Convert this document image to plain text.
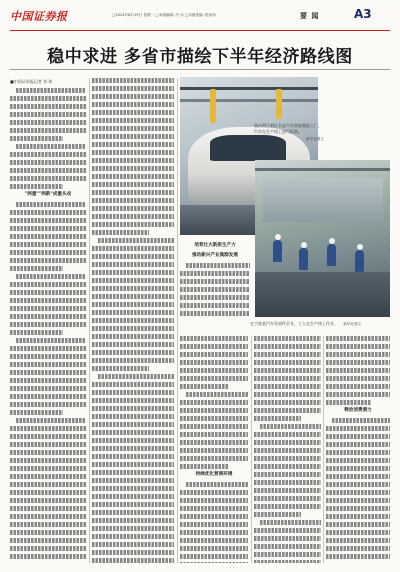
中国证券报	□2024年8月19日 星期一 □本版编辑: 冯 冰 □本版美编: 范伟伟	要 闻	A3
稳中求进 多省市描绘下半年经济路线图
■中国证券报记者 刘 伟
"两重""两新"成重头戏
重庆两江新区长安汽车智能制造工厂，汽车在生产线上进行组装。
新华社图文
培育壮大新质生产力
推动新兴产业集群发展
在宁波某汽车零部件企业，工人在生产线上作业。 新华社图文
持续优化营商环境
释放消费潜力
